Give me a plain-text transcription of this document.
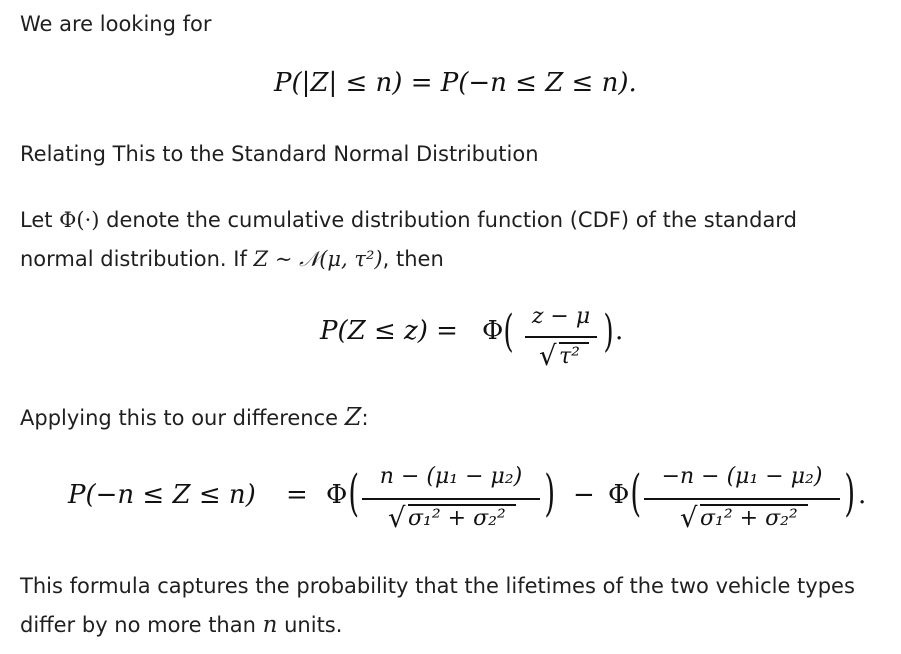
We are looking for
P(|Z| ≤ n) = P(−n ≤ Z ≤ n).
Relating This to the Standard Normal Distribution
Let Φ(·) denote the cumulative distribution function (CDF) of the standard
normal distribution. If Z ∼ 𝒩(μ, τ²), then
P(Z ≤ z) = Φ ( z − μ
√ τ² ) .
Applying this to our difference Z:
P(−n ≤ Z ≤ n) = Φ ( n − (μ₁ − μ₂)
√ σ₁² + σ₂² ) − Φ ( −n − (μ₁ − μ₂)
√ σ₁² + σ₂² ) .
This formula captures the probability that the lifetimes of the two vehicle types
differ by no more than n units.
